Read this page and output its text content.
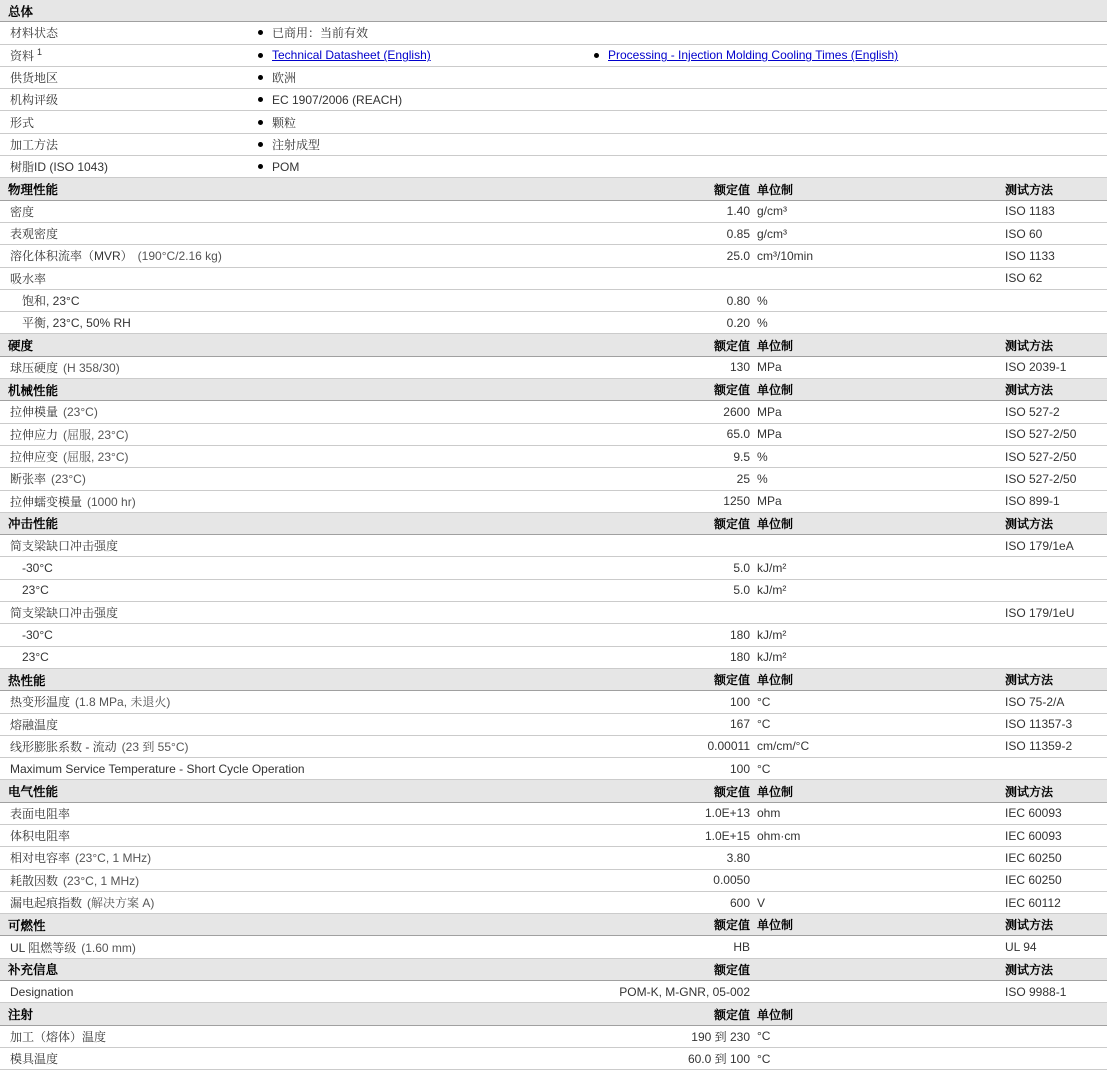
总体
材料状态	已商用：当前有效
资料 $^1$	Technical Datasheet (English)	Processing - Injection Molding Cooling Times (English)
供货地区	欧洲
机构评级	EC 1907/2006 (REACH)
形式	颗粒
加工方法	注射成型
树脂ID (ISO 1043)	POM
物理性能	额定值 单位制	测试方法
密度	1.40 g/cm³	ISO 1183
表观密度	0.85 g/cm³	ISO 60
溶化体积流率（MVR） (190°C/2.16 kg)	25.0 cm³/10min	ISO 1133
吸水率	ISO 62
饱和, 23°C	0.80 %
平衡, 23°C, 50% RH	0.20 %
硬度	额定值 单位制	测试方法
球压硬度 (H 358/30)	130 MPa	ISO 2039-1
机械性能	额定值 单位制	测试方法
拉伸模量 (23°C)	2600 MPa	ISO 527-2
拉伸应力 (屈服, 23°C)	65.0 MPa	ISO 527-2/50
拉伸应变 (屈服, 23°C)	9.5 %	ISO 527-2/50
断张率 (23°C)	25 %	ISO 527-2/50
拉伸蠕变模量 (1000 hr)	1250 MPa	ISO 899-1
冲击性能	额定值 单位制	测试方法
简支梁缺口冲击强度	ISO 179/1eA
-30°C	5.0 kJ/m²
23°C	5.0 kJ/m²
简支梁缺口冲击强度	ISO 179/1eU
-30°C	180 kJ/m²
23°C	180 kJ/m²
热性能	额定值 单位制	测试方法
热变形温度 (1.8 MPa, 未退火)	100 °C	ISO 75-2/A
熔融温度	167 °C	ISO 11357-3
线形膨胀系数 - 流动 (23 到 55°C)	0.00011 cm/cm/°C	ISO 11359-2
Maximum Service Temperature - Short Cycle Operation	100 °C
电气性能	额定值 单位制	测试方法
表面电阻率	1.0E+13 ohm	IEC 60093
体积电阻率	1.0E+15 ohm·cm	IEC 60093
相对电容率 (23°C, 1 MHz)	3.80	IEC 60250
耗散因数 (23°C, 1 MHz)	0.0050	IEC 60250
漏电起痕指数 (解决方案 A)	600 V	IEC 60112
可燃性	额定值 单位制	测试方法
UL 阻燃等级 (1.60 mm)	HB	UL 94
补充信息	额定值	测试方法
Designation	POM-K, M-GNR, 05-002	ISO 9988-1
注射	额定值 单位制
加工（熔体）温度	190 到 230 °C
模具温度	60.0 到 100 °C
